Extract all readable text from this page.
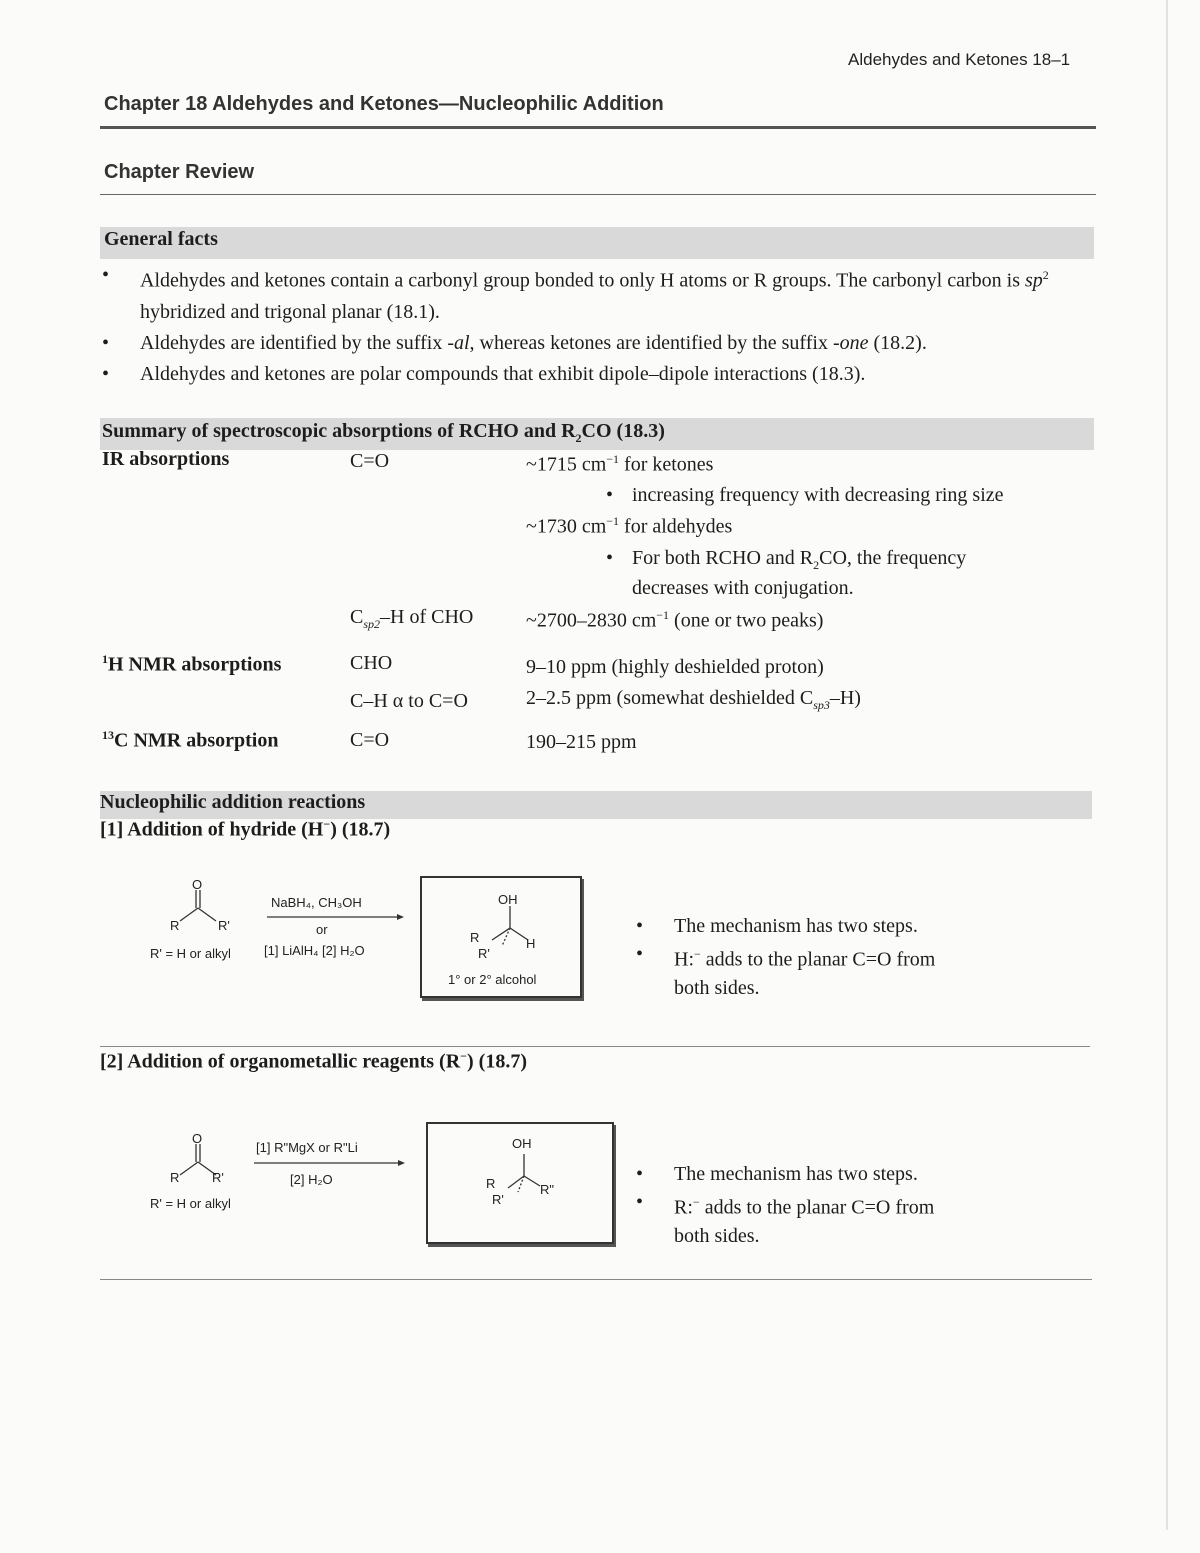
Aldehydes and Ketones 18–1
Chapter 18 Aldehydes and Ketones—Nucleophilic Addition
Chapter Review
General facts
• Aldehydes and ketones contain a carbonyl group bonded to only H atoms or R groups. The carbonyl carbon is $sp^2$ hybridized and trigonal planar (18.1).
• Aldehydes are identified by the suffix -al, whereas ketones are identified by the suffix -one (18.2).
• Aldehydes and ketones are polar compounds that exhibit dipole–dipole interactions (18.3).
Summary of spectroscopic absorptions of RCHO and $R_2CO$ (18.3)
IR absorptions	C=O	~1715 $cm^{-1}$ for ketones
• increasing frequency with decreasing ring size
~1730 $cm^{-1}$ for aldehydes
• For both RCHO and $R_2CO$, the frequency
decreases with conjugation.
$C_{sp2}-H$ of CHO	~2700–2830 $cm^{-1}$ (one or two peaks)
$^1$H NMR absorptions	CHO	9–10 ppm (highly deshielded proton)
C–H α to C=O	2–2.5 ppm (somewhat deshielded $C_{sp3}-H$)
$^{13}$C NMR absorption	C=O	190–215 ppm
Nucleophilic addition reactions
[1] Addition of hydride (H−) (18.7)
O
R	R'
R' = H or alkyl
NaBH₄, CH₃OH
or
[1] LiAlH₄ [2] H₂O
OH
R
R'
H
1° or 2° alcohol
• The mechanism has two steps.
• H:− adds to the planar C=O from
both sides.
[2] Addition of organometallic reagents (R−) (18.7)
O
R	R'
R' = H or alkyl
[1] R"MgX or R"Li
[2] H₂O
OH
R
R'
R"
• The mechanism has two steps.
• R:− adds to the planar C=O from
both sides.
